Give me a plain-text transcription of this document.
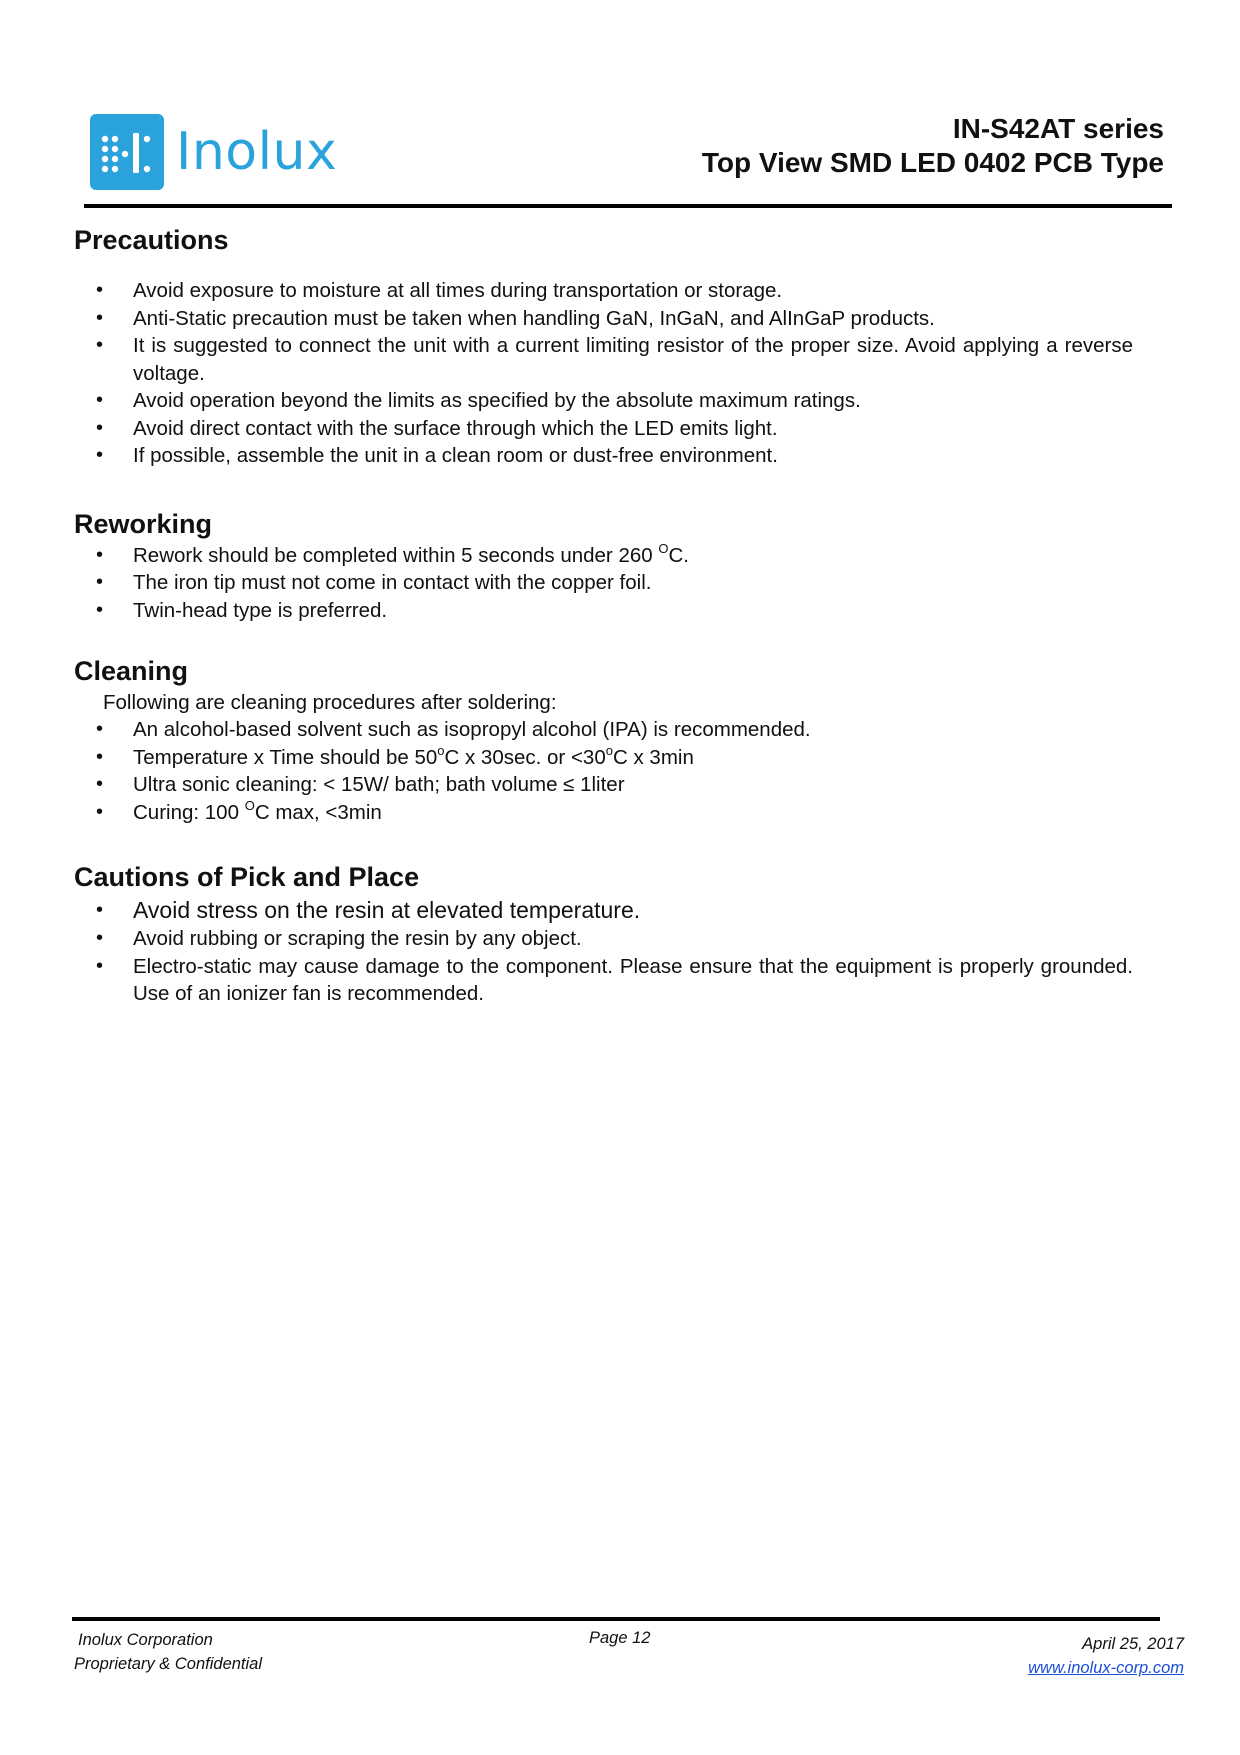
Inolux	IN-S42AT series
Top View SMD LED 0402 PCB Type
Precautions
• Avoid exposure to moisture at all times during transportation or storage.
• Anti-Static precaution must be taken when handling GaN, InGaN, and AlInGaP products.
• It is suggested to connect the unit with a current limiting resistor of the proper size. Avoid applying a reverse voltage.
• Avoid operation beyond the limits as specified by the absolute maximum ratings.
• Avoid direct contact with the surface through which the LED emits light.
• If possible, assemble the unit in a clean room or dust-free environment.
Reworking
• Rework should be completed within 5 seconds under 260 $^O$C.
• The iron tip must not come in contact with the copper foil.
• Twin-head type is preferred.
Cleaning
Following are cleaning procedures after soldering:
• An alcohol-based solvent such as isopropyl alcohol (IPA) is recommended.
• Temperature x Time should be 50$^o$C x 30sec. or $<30^oC$ x 3min
• Ultra sonic cleaning: < 15W/ bath; bath volume ≤ 1liter
• Curing: 100 $^O$C max, <3min
Cautions of Pick and Place
• Avoid stress on the resin at elevated temperature.
• Avoid rubbing or scraping the resin by any object.
• Electro-static may cause damage to the component. Please ensure that the equipment is properly grounded. Use of an ionizer fan is recommended.
Inolux Corporation
Proprietary & Confidential
Page 12	April 25, 2017
www.inolux-corp.com
